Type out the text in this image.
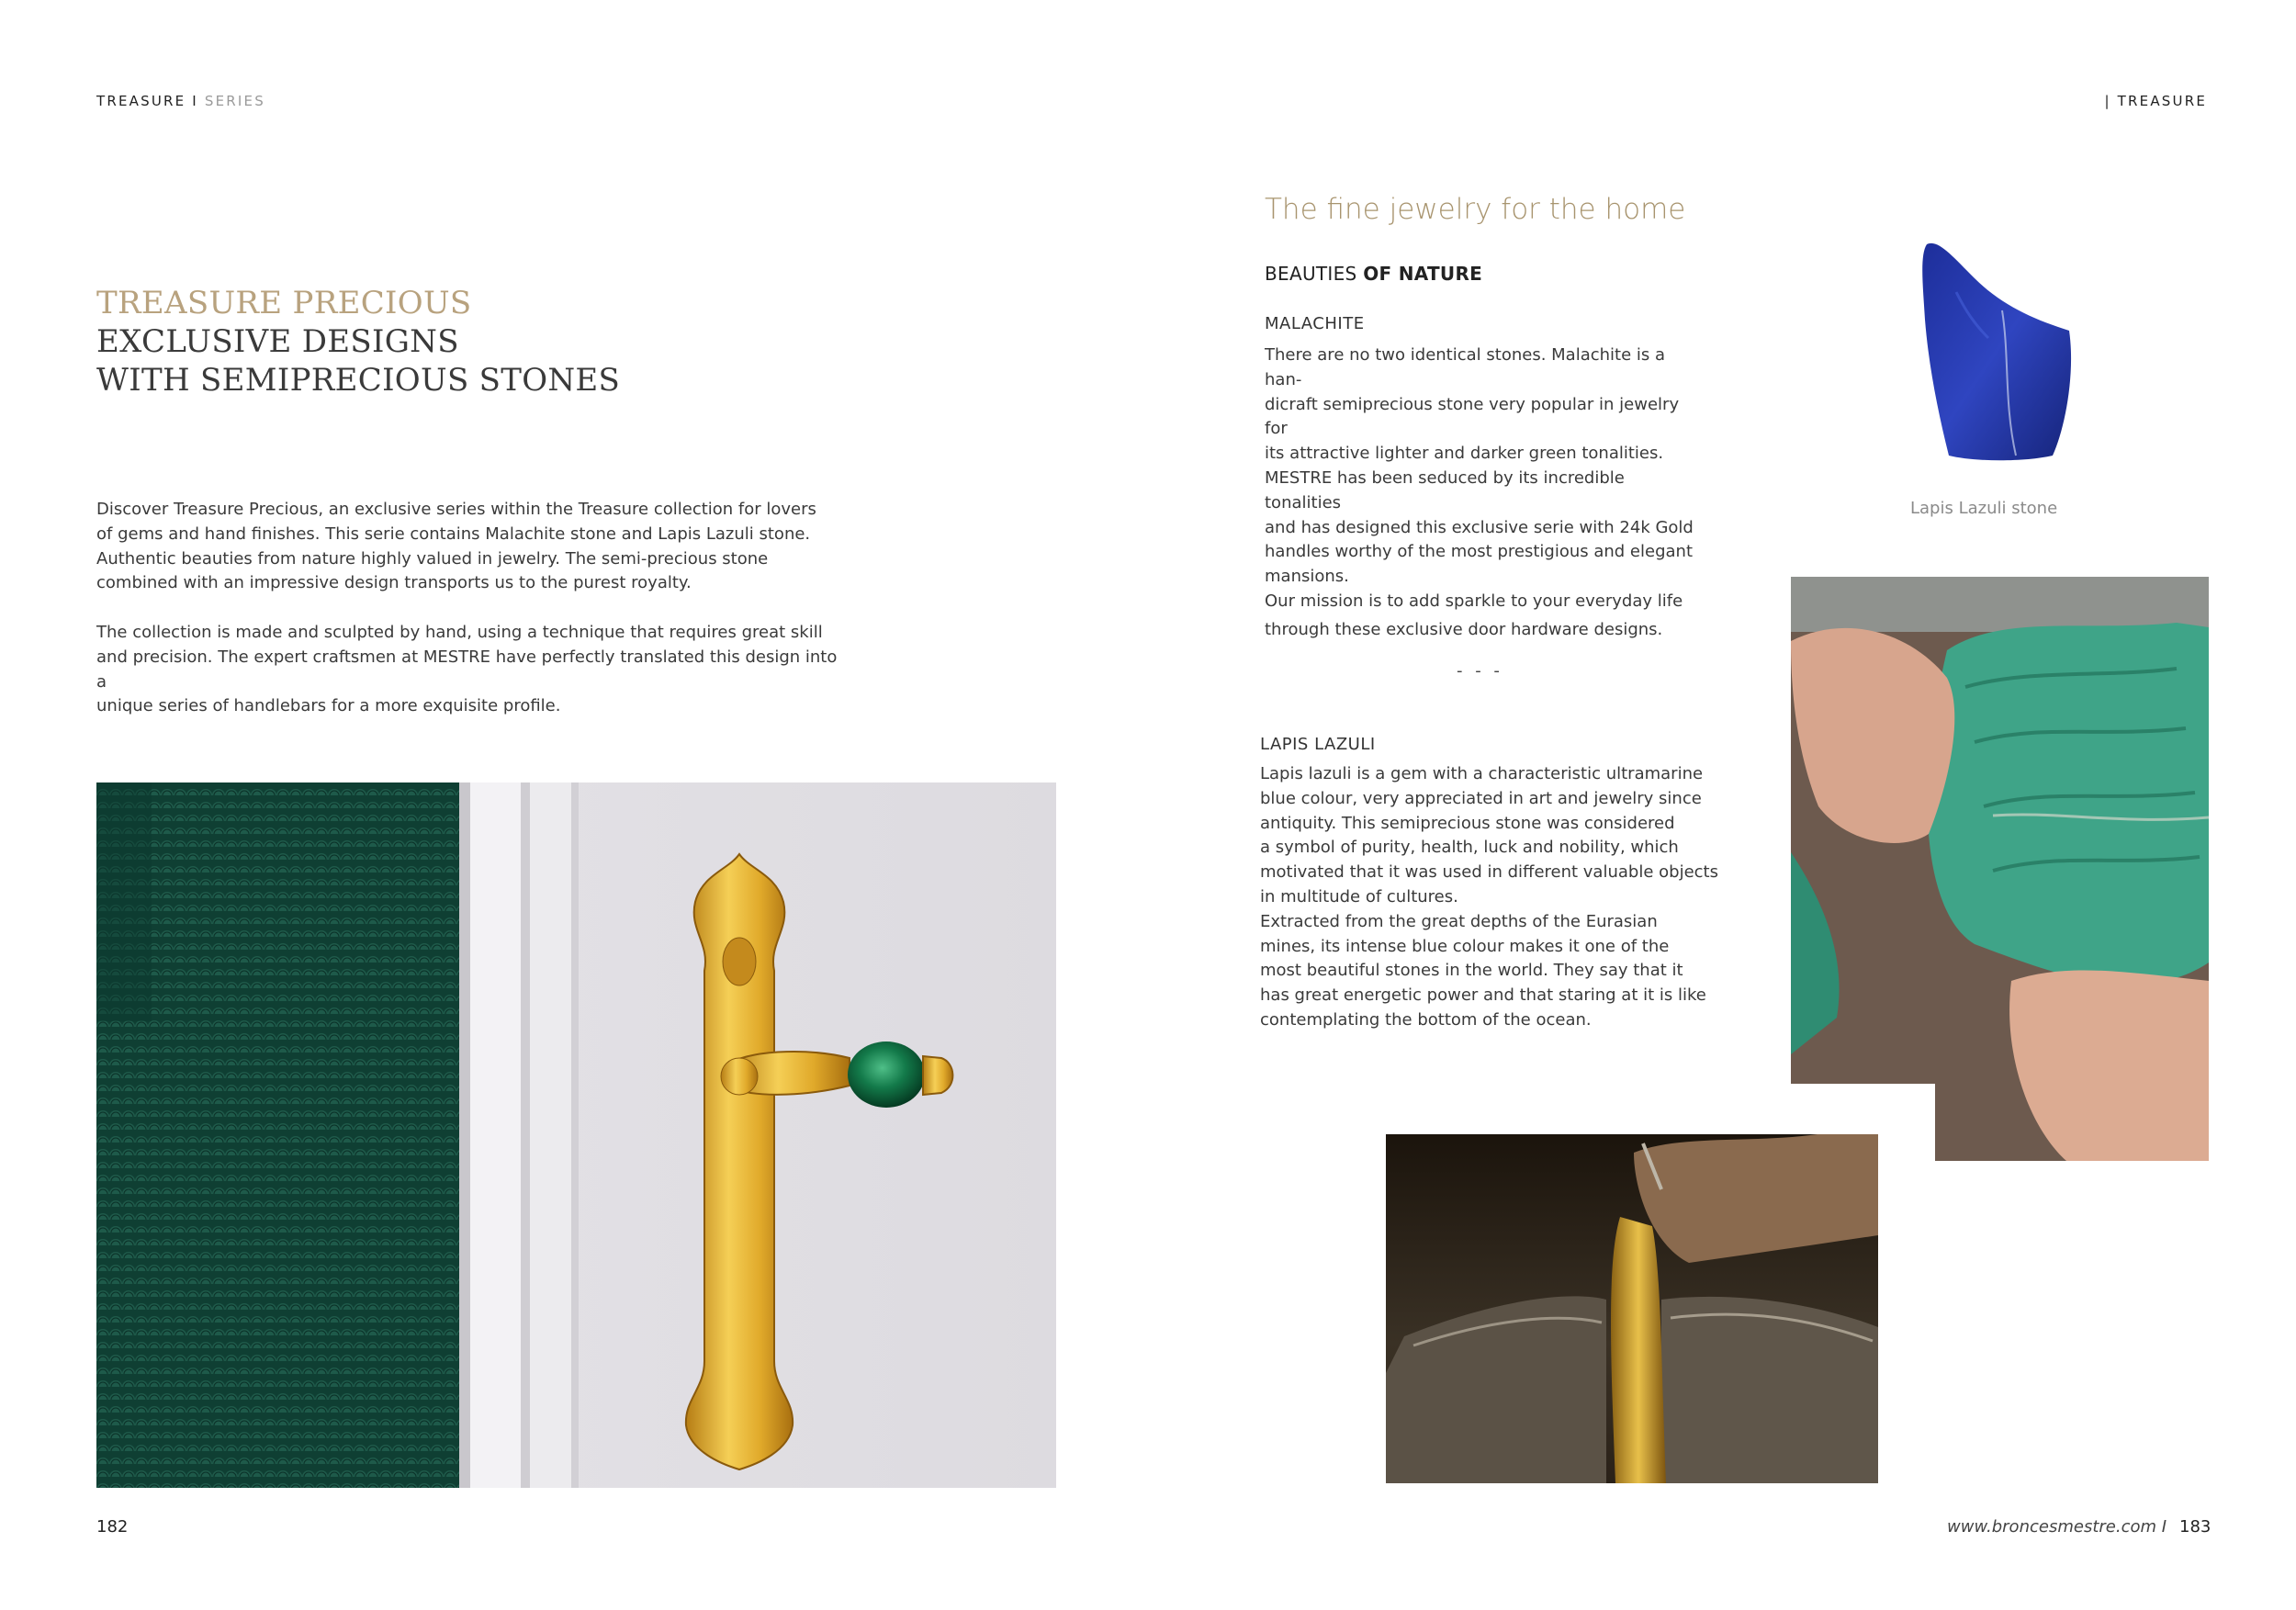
TREASURE I SERIES	| TREASURE
TREASURE PRECIOUS
EXCLUSIVE DESIGNS
WITH SEMIPRECIOUS STONES
Discover Treasure Precious, an exclusive series within the Treasure collection for lovers
of gems and hand finishes. This serie contains Malachite stone and Lapis Lazuli stone.
Authentic beauties from nature highly valued in jewelry. The semi-precious stone
combined with an impressive design transports us to the purest royalty.
The collection is made and sculpted by hand, using a technique that requires great skill
and precision. The expert craftsmen at MESTRE have perfectly translated this design into a
unique series of handlebars for a more exquisite profile.
182
The fine jewelry for the home
BEAUTIES OF NATURE
MALACHITE
There are no two identical stones. Malachite is a han-
dicraft semiprecious stone very popular in jewelry for
its attractive lighter and darker green tonalities.
MESTRE has been seduced by its incredible tonalities
and has designed this exclusive serie with 24k Gold
handles worthy of the most prestigious and elegant
mansions.
Our mission is to add sparkle to your everyday life
through these exclusive door hardware designs.
- - -
LAPIS LAZULI
Lapis lazuli is a gem with a characteristic ultramarine
blue colour, very appreciated in art and jewelry since
antiquity. This semiprecious stone was considered
a symbol of purity, health, luck and nobility, which
motivated that it was used in different valuable objects
in multitude of cultures.
Extracted from the great depths of the Eurasian
mines, its intense blue colour makes it one of the
most beautiful stones in the world. They say that it
has great energetic power and that staring at it is like
contemplating the bottom of the ocean.
Lapis Lazuli stone
www.broncesmestre.com I 183
